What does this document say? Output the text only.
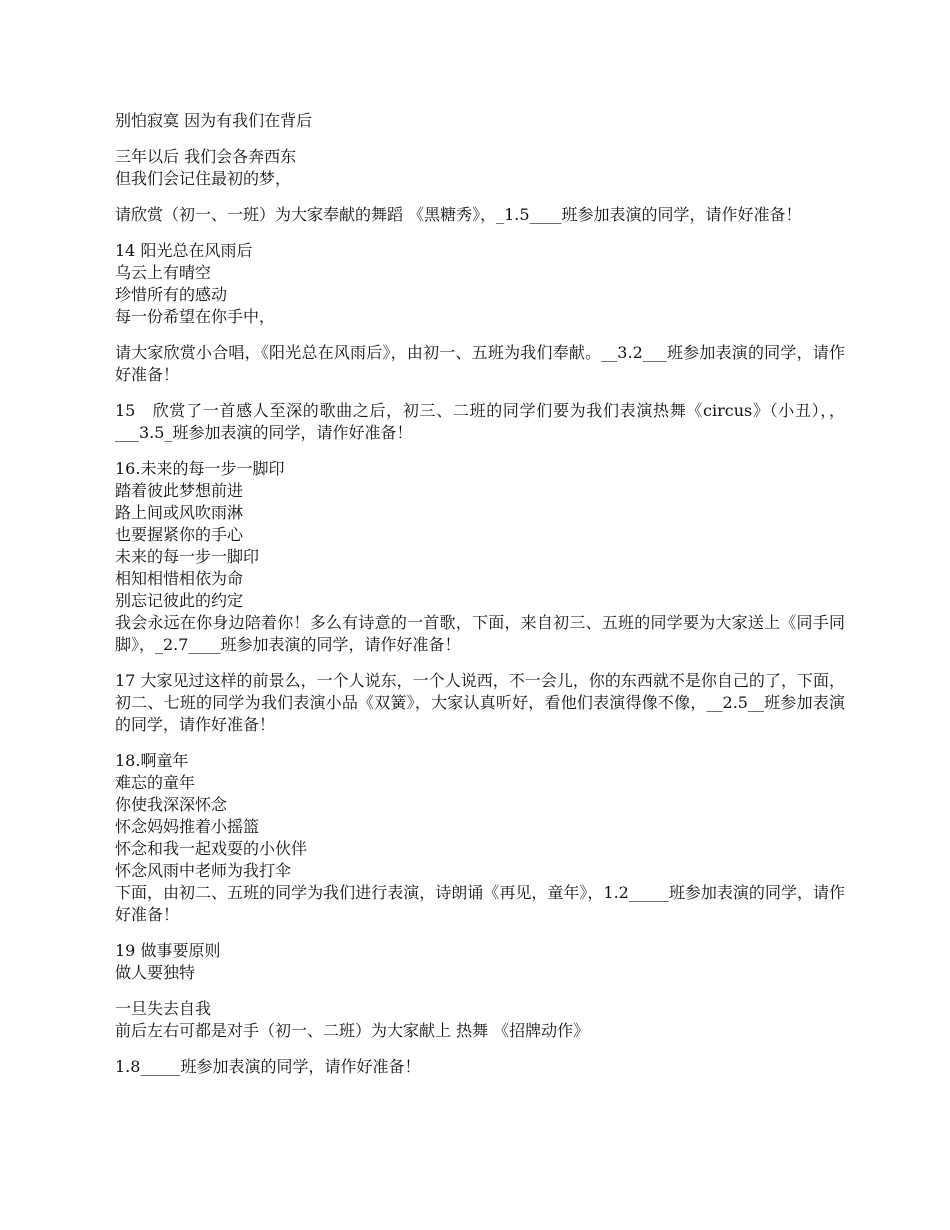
别怕寂寞 因为有我们在背后

三年以后 我们会各奔西东
但我们会记住最初的梦，

请欣赏（初一、一班）为大家奉献的舞蹈 《黑糖秀》，_1.5____班参加表演的同学，请作好准备！

14 阳光总在风雨后
乌云上有晴空
珍惜所有的感动
每一份希望在你手中，

请大家欣赏小合唱，《阳光总在风雨后》，由初一、五班为我们奉献。__3.2___班参加表演的同学，请作好准备！

15　欣赏了一首感人至深的歌曲之后，初三、二班的同学们要为我们表演热舞《circus》（小丑），，___3.5_班参加表演的同学，请作好准备！

16.未来的每一步一脚印
踏着彼此梦想前进
路上间或风吹雨淋
也要握紧你的手心
未来的每一步一脚印
相知相惜相依为命
别忘记彼此的约定
我会永远在你身边陪着你！多么有诗意的一首歌，下面，来自初三、五班的同学要为大家送上《同手同脚》，_2.7____班参加表演的同学，请作好准备！

17 大家见过这样的前景么，一个人说东，一个人说西，不一会儿，你的东西就不是你自己的了，下面，初二、七班的同学为我们表演小品《双簧》，大家认真听好，看他们表演得像不像，__2.5__班参加表演的同学，请作好准备！

18.啊童年
难忘的童年
你使我深深怀念
怀念妈妈推着小摇篮
怀念和我一起戏耍的小伙伴
怀念风雨中老师为我打伞
下面，由初二、五班的同学为我们进行表演，诗朗诵《再见，童年》，1.2_____班参加表演的同学，请作好准备！

19 做事要原则
做人要独特

一旦失去自我
前后左右可都是对手（初一、二班）为大家献上 热舞 《招牌动作》

1.8_____班参加表演的同学，请作好准备！
